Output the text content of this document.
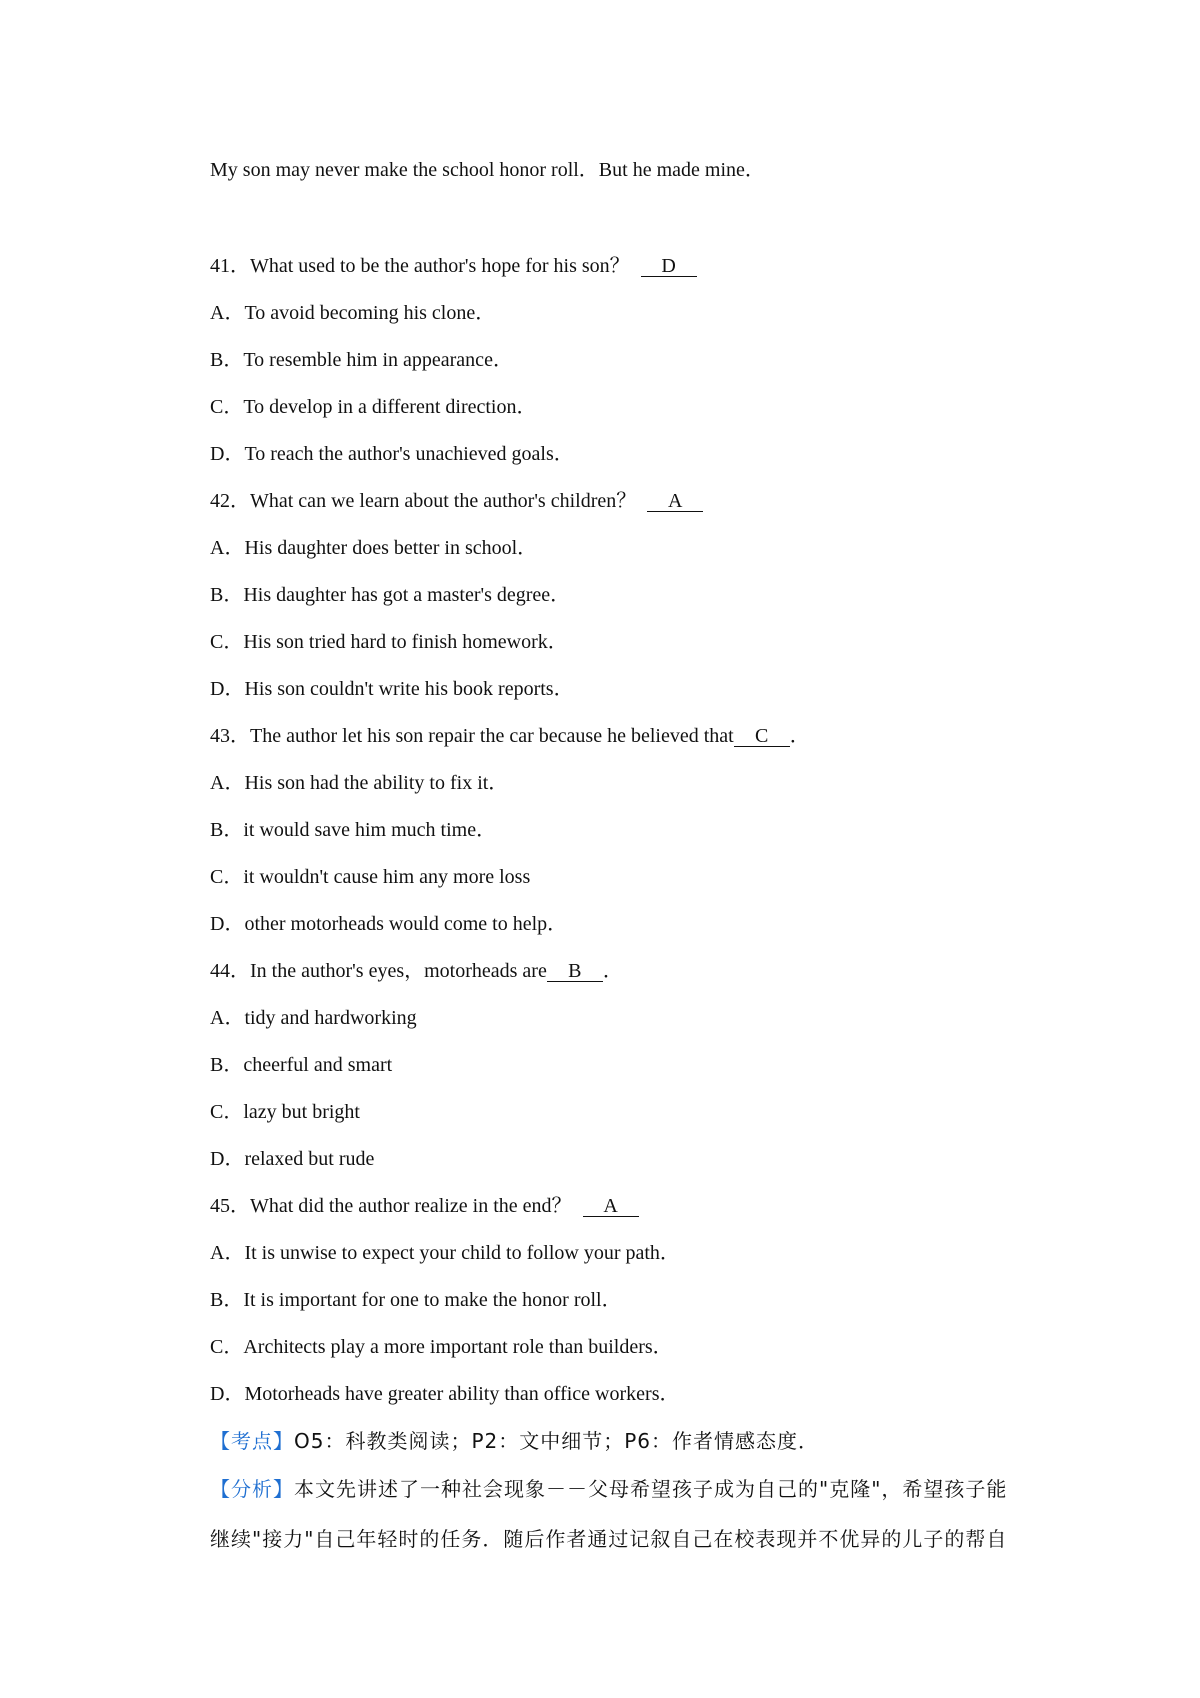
My son may never make the school honor roll．But he made mine．
41．What used to be the author's hope for his son？ D
A．To avoid becoming his clone．
B．To resemble him in appearance．
C．To develop in a different direction．
D．To reach the author's unachieved goals．
42．What can we learn about the author's children？ A
A．His daughter does better in school．
B．His daughter has got a master's degree．
C．His son tried hard to finish homework．
D．His son couldn't write his book reports．
43．The author let his son repair the car because he believed that C ．
A．His son had the ability to fix it．
B．it would save him much time．
C．it wouldn't cause him any more loss
D．other motorheads would come to help．
44．In the author's eyes，motorheads are B ．
A．tidy and hardworking
B．cheerful and smart
C．lazy but bright
D．relaxed but rude
45．What did the author realize in the end？ A
A．It is unwise to expect your child to follow your path．
B．It is important for one to make the honor roll．
C．Architects play a more important role than builders．
D．Motorheads have greater ability than office workers．
【考点】O5：科教类阅读；P2：文中细节；P6：作者情感态度．
【分析】本文先讲述了一种社会现象－－父母希望孩子成为自己的"克隆"，希望孩子能
继续"接力"自己年轻时的任务．随后作者通过记叙自己在校表现并不优异的儿子的帮自
